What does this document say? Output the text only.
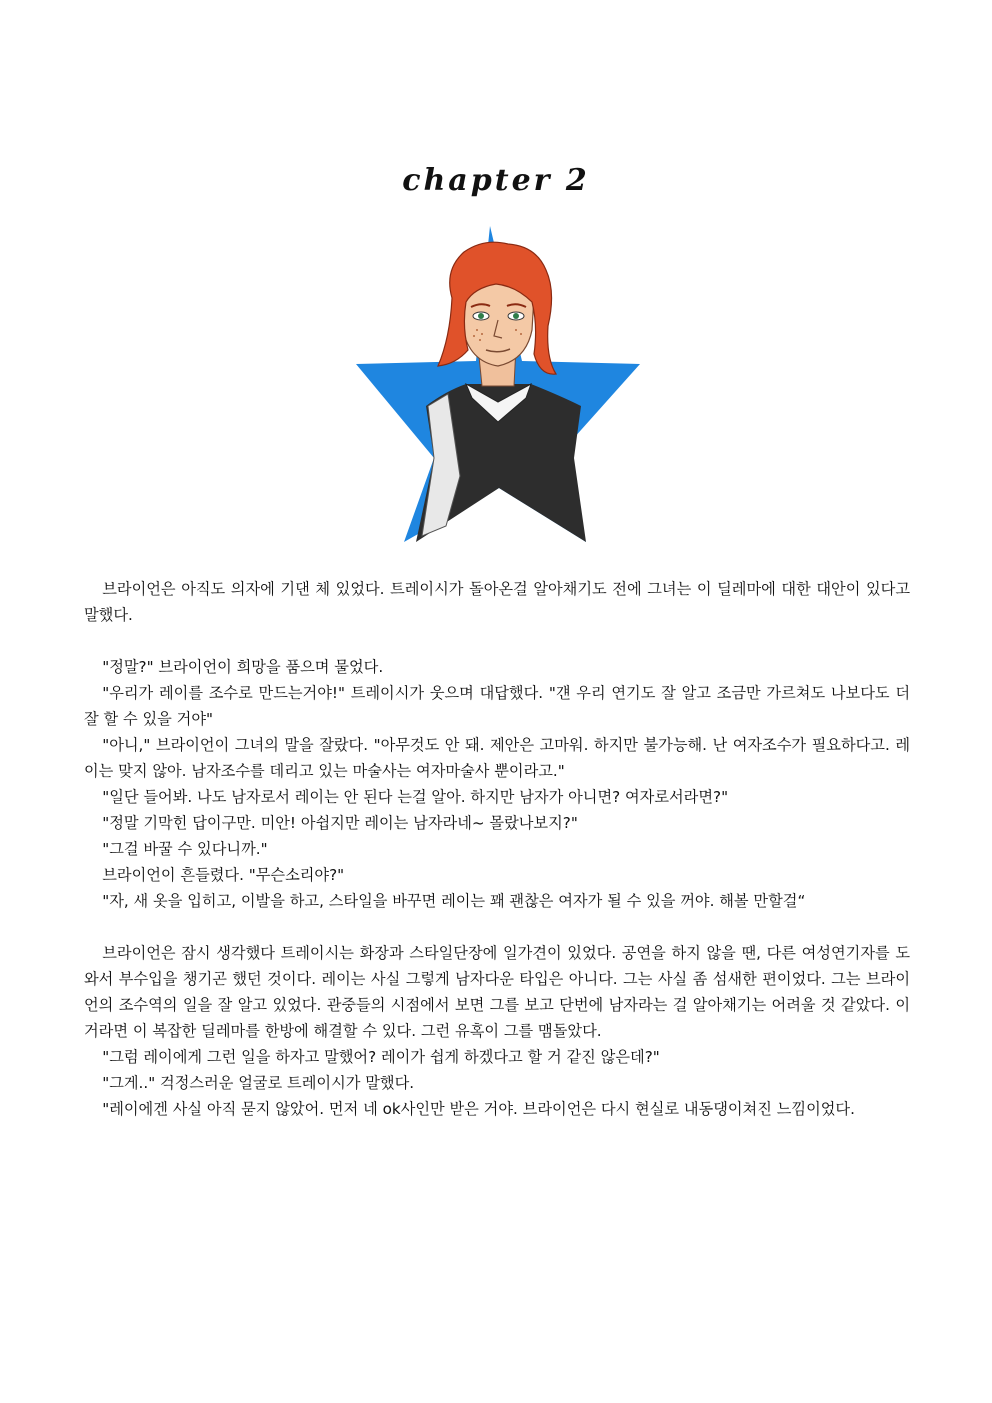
chapter 2

브라이언은 아직도 의자에 기댄 체 있었다. 트레이시가 돌아온걸 알아채기도 전에 그녀는 이 딜레마에 대한 대안이 있다고 말했다.

"정말?" 브라이언이 희망을 품으며 물었다.

"우리가 레이를 조수로 만드는거야!" 트레이시가 웃으며 대답했다. "걘 우리 연기도 잘 알고 조금만 가르쳐도 나보다도 더 잘 할 수 있을 거야"

"아니," 브라이언이 그녀의 말을 잘랐다. "아무것도 안 돼. 제안은 고마워. 하지만 불가능해. 난 여자조수가 필요하다고. 레이는 맞지 않아. 남자조수를 데리고 있는 마술사는 여자마술사 뿐이라고."

"일단 들어봐. 나도 남자로서 레이는 안 된다 는걸 알아. 하지만 남자가 아니면? 여자로서라면?"

"정말 기막힌 답이구만. 미안! 아쉽지만 레이는 남자라네~ 몰랐나보지?"

"그걸 바꿀 수 있다니까."

브라이언이 흔들렸다. "무슨소리야?"

"자, 새 옷을 입히고, 이발을 하고, 스타일을 바꾸면 레이는 꽤 괜찮은 여자가 될 수 있을 꺼야. 해볼 만할걸“

브라이언은 잠시 생각했다 트레이시는 화장과 스타일단장에 일가견이 있었다. 공연을 하지 않을 땐, 다른 여성연기자를 도와서 부수입을 챙기곤 했던 것이다. 레이는 사실 그렇게 남자다운 타입은 아니다. 그는 사실 좀 섬새한 편이었다. 그는 브라이언의 조수역의 일을 잘 알고 있었다. 관중들의 시점에서 보면 그를 보고 단번에 남자라는 걸 알아채기는 어려울 것 같았다. 이거라면 이 복잡한 딜레마를 한방에 해결할 수 있다. 그런 유혹이 그를 맴돌았다.

"그럼 레이에게 그런 일을 하자고 말했어? 레이가 쉽게 하겠다고 할 거 같진 않은데?"

"그게.." 걱정스러운 얼굴로 트레이시가 말했다.

"레이에겐 사실 아직 묻지 않았어. 먼저 네 ok사인만 받은 거야. 브라이언은 다시 현실로 내동댕이쳐진 느낌이었다.
